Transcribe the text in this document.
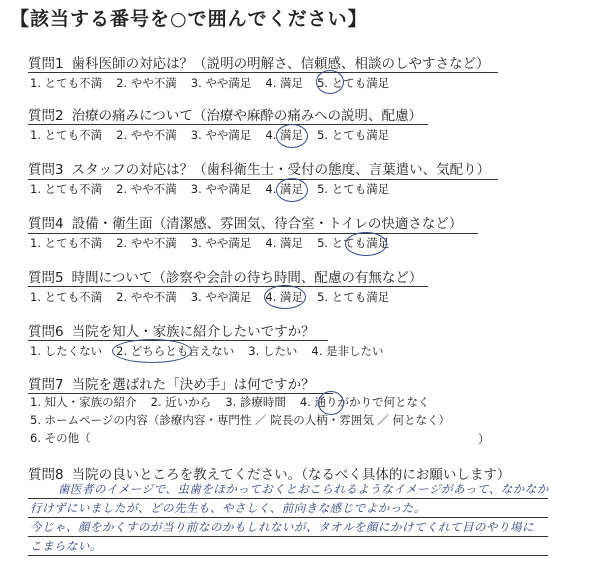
【該当する番号を○で囲んでください】
質問1 歯科医師の対応は？（説明の明解さ、信頼感、相談のしやすさなど）
1. とても不満 2. やや不満 3. やや満足 4. 満足 5. とても満足
質問2 治療の痛みについて（治療や麻酔の痛みへの説明、配慮）
1. とても不満 2. やや不満 3. やや満足 4. 満足 5. とても満足
質問3 スタッフの対応は？（歯科衛生士・受付の態度、言葉遣い、気配り）
1. とても不満 2. やや不満 3. やや満足 4. 満足 5. とても満足
質問4 設備・衛生面（清潔感、雰囲気、待合室・トイレの快適さなど）
1. とても不満 2. やや不満 3. やや満足 4. 満足 5. とても満足
質問5 時間について（診察や会計の待ち時間、配慮の有無など）
1. とても不満 2. やや不満 3. やや満足 4. 満足 5. とても満足
質問6 当院を知人・家族に紹介したいですか？
1. したくない 2. どちらとも言えない 3. したい 4. 是非したい
質問7 当院を選ばれた「決め手」は何ですか？
1. 知人・家族の紹介 2. 近いから 3. 診療時間 4. 通りがかりで何となく
5. ホームページの内容（診療内容・専門性 ／ 院長の人柄・雰囲気 ／ 何となく）
6. その他（	）
質問8 当院の良いところを教えてください。（なるべく具体的にお願いします）
歯医者のイメージで、虫歯をほかっておくとおこられるようなイメージがあって、なかなか
行けずにいましたが、どの先生も、やさしく、前向きな感じでよかった。
今じゃ、顔をかくすのが当り前なのかもしれないが、タオルを顔にかけてくれて目のやり場に
こまらない。
